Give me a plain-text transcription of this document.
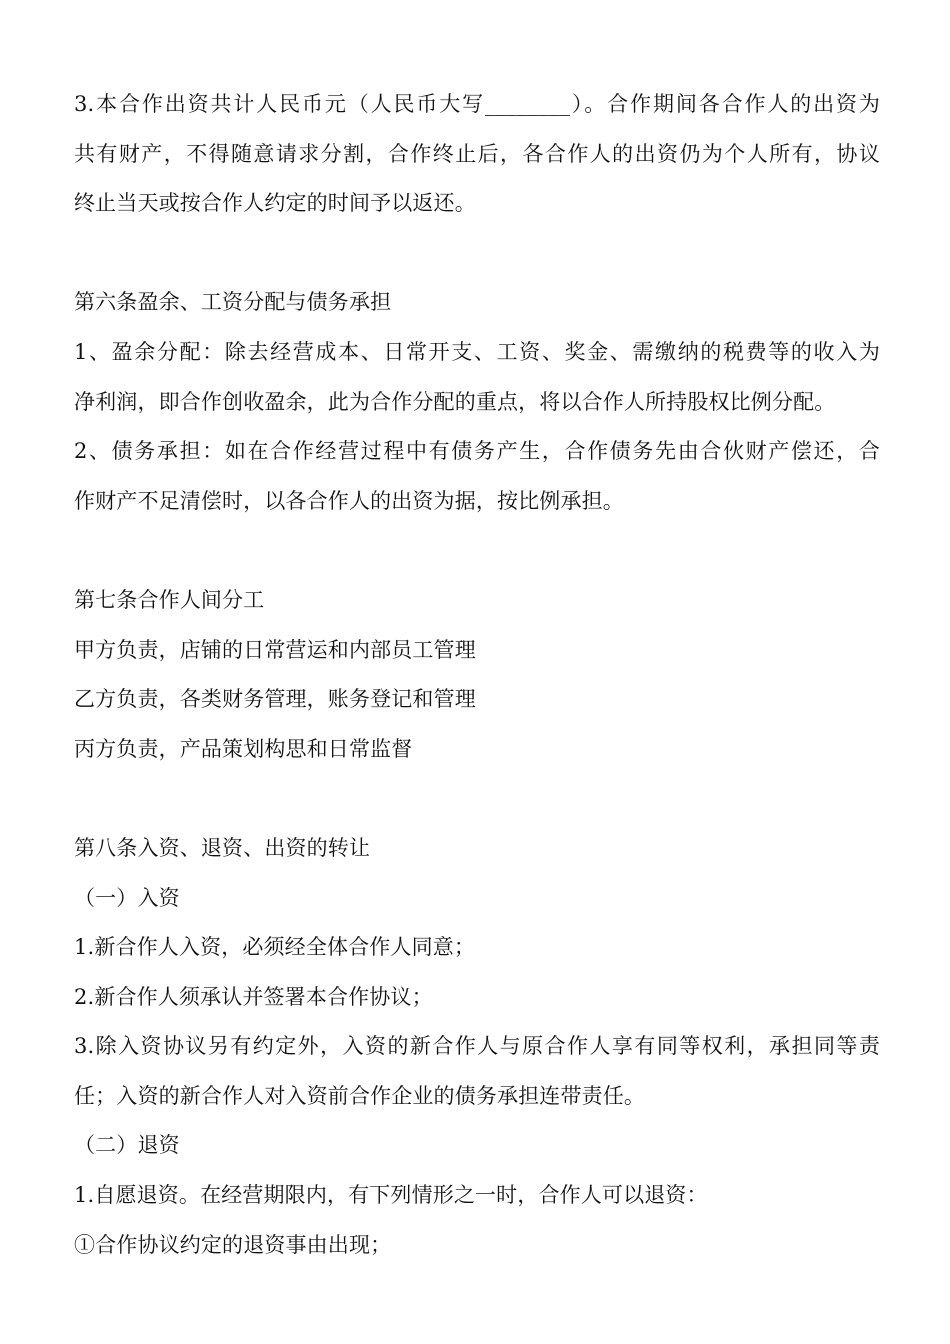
3.本合作出资共计人民币元（人民币大写________）。合作期间各合作人的出资为
共有财产，不得随意请求分割，合作终止后，各合作人的出资仍为个人所有，协议
终止当天或按合作人约定的时间予以返还。
第六条盈余、工资分配与债务承担
1、盈余分配：除去经营成本、日常开支、工资、奖金、需缴纳的税费等的收入为
净利润，即合作创收盈余，此为合作分配的重点，将以合作人所持股权比例分配。
2、债务承担：如在合作经营过程中有债务产生，合作债务先由合伙财产偿还，合
作财产不足清偿时，以各合作人的出资为据，按比例承担。
第七条合作人间分工
甲方负责，店铺的日常营运和内部员工管理
乙方负责，各类财务管理，账务登记和管理
丙方负责，产品策划构思和日常监督
第八条入资、退资、出资的转让
（一）入资
1.新合作人入资，必须经全体合作人同意；
2.新合作人须承认并签署本合作协议；
3.除入资协议另有约定外，入资的新合作人与原合作人享有同等权利，承担同等责
任；入资的新合作人对入资前合作企业的债务承担连带责任。
（二）退资
1.自愿退资。在经营期限内，有下列情形之一时，合作人可以退资：
①合作协议约定的退资事由出现；
